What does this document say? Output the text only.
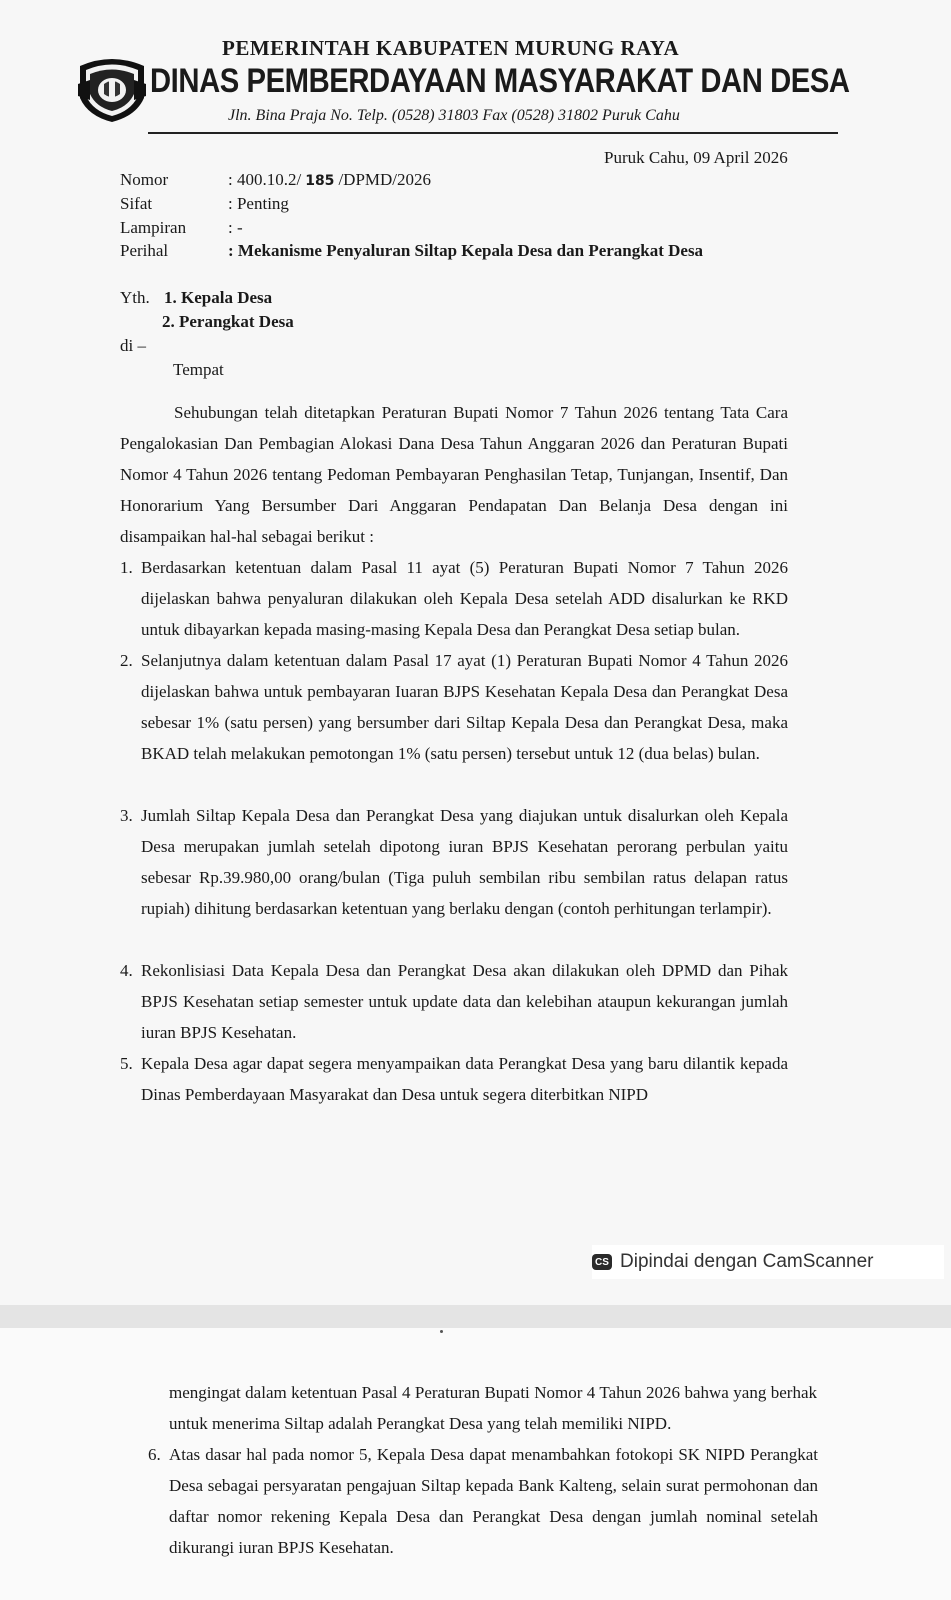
PEMERINTAH KABUPATEN MURUNG RAYA
DINAS PEMBERDAYAAN MASYARAKAT DAN DESA
Jln. Bina Praja No. Telp. (0528) 31803 Fax (0528) 31802 Puruk Cahu
Puruk Cahu, 09 April 2026
Nomor	: 400.10.2/ 185 /DPMD/2026
Sifat	: Penting
Lampiran : -
Perihal	: Mekanisme Penyaluran Siltap Kepala Desa dan Perangkat Desa
Yth. 1. Kepala Desa
2. Perangkat Desa
di –
Tempat
Sehubungan telah ditetapkan Peraturan Bupati Nomor 7 Tahun 2026 tentang Tata Cara Pengalokasian Dan Pembagian Alokasi Dana Desa Tahun Anggaran 2026 dan Peraturan Bupati Nomor 4 Tahun 2026 tentang Pedoman Pembayaran Penghasilan Tetap, Tunjangan, Insentif, Dan Honorarium Yang Bersumber Dari Anggaran Pendapatan Dan Belanja Desa dengan ini disampaikan hal-hal sebagai berikut :
1. Berdasarkan ketentuan dalam Pasal 11 ayat (5) Peraturan Bupati Nomor 7 Tahun 2026 dijelaskan bahwa penyaluran dilakukan oleh Kepala Desa setelah ADD disalurkan ke RKD untuk dibayarkan kepada masing-masing Kepala Desa dan Perangkat Desa setiap bulan.
2. Selanjutnya dalam ketentuan dalam Pasal 17 ayat (1) Peraturan Bupati Nomor 4 Tahun 2026 dijelaskan bahwa untuk pembayaran Iuaran BJPS Kesehatan Kepala Desa dan Perangkat Desa sebesar 1% (satu persen) yang bersumber dari Siltap Kepala Desa dan Perangkat Desa, maka BKAD telah melakukan pemotongan 1% (satu persen) tersebut untuk 12 (dua belas) bulan.
3. Jumlah Siltap Kepala Desa dan Perangkat Desa yang diajukan untuk disalurkan oleh Kepala Desa merupakan jumlah setelah dipotong iuran BPJS Kesehatan perorang perbulan yaitu sebesar Rp.39.980,00 orang/bulan (Tiga puluh sembilan ribu sembilan ratus delapan ratus rupiah) dihitung berdasarkan ketentuan yang berlaku dengan (contoh perhitungan terlampir).
4. Rekonlisiasi Data Kepala Desa dan Perangkat Desa akan dilakukan oleh DPMD dan Pihak BPJS Kesehatan setiap semester untuk update data dan kelebihan ataupun kekurangan jumlah iuran BPJS Kesehatan.
5. Kepala Desa agar dapat segera menyampaikan data Perangkat Desa yang baru dilantik kepada Dinas Pemberdayaan Masyarakat dan Desa untuk segera diterbitkan NIPD
CS Dipindai dengan CamScanner
mengingat dalam ketentuan Pasal 4 Peraturan Bupati Nomor 4 Tahun 2026 bahwa yang berhak untuk menerima Siltap adalah Perangkat Desa yang telah memiliki NIPD.
6. Atas dasar hal pada nomor 5, Kepala Desa dapat menambahkan fotokopi SK NIPD Perangkat Desa sebagai persyaratan pengajuan Siltap kepada Bank Kalteng, selain surat permohonan dan daftar nomor rekening Kepala Desa dan Perangkat Desa dengan jumlah nominal setelah dikurangi iuran BPJS Kesehatan.
